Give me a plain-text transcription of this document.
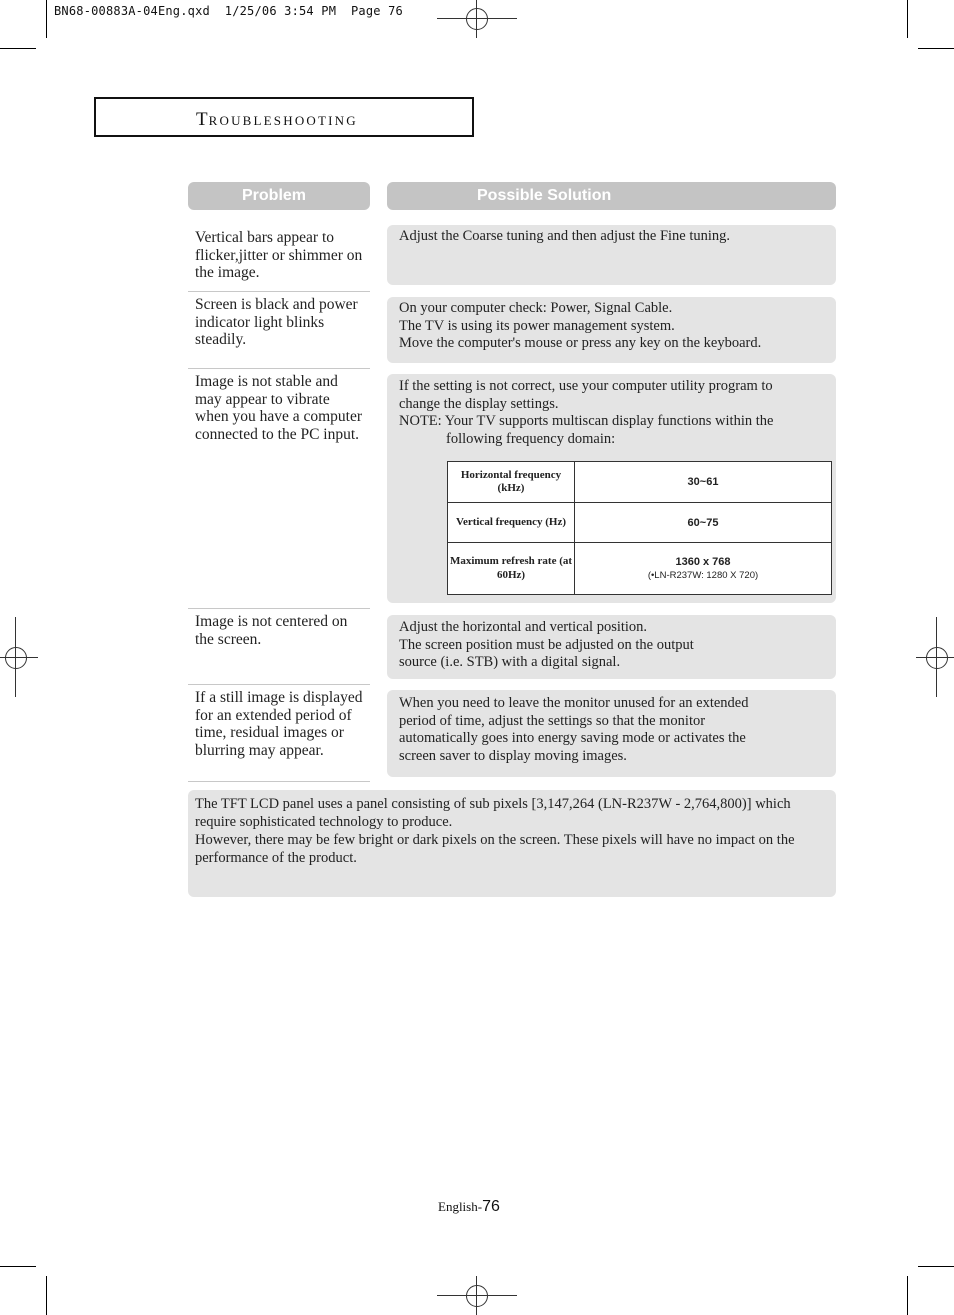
BN68-00883A-04Eng.qxd  1/25/06 3:54 PM  Page 76
TROUBLESHOOTING
Problem	Possible Solution
Vertical bars appear to flicker,jitter or shimmer on the image.

Adjust the Coarse tuning and then adjust the Fine tuning.

Screen is black and power indicator light blinks steadily.

On your computer check: Power, Signal Cable.

The TV is using its power management system.

Move the computer's mouse or press any key on the keyboard.

Image is not stable and may appear to vibrate when you have a computer connected to the PC input.

If the setting is not correct, use your computer utility program to change the display settings.

NOTE: Your TV supports multiscan display functions within the

following frequency domain:

Horizontal frequency (kHz)	30~61
Vertical frequency (Hz)	60~75
Maximum refresh rate (at 60Hz)	1360 x 768
(•LN-R237W: 1280 X 720)
Image is not centered on the screen.

Adjust the horizontal and vertical position.

The screen position must be adjusted on the output source (i.e. STB) with a digital signal.

If a still image is displayed for an extended period of time, residual images or blurring may appear.

When you need to leave the monitor unused for an extended period of time, adjust the settings so that the monitor automatically goes into energy saving mode or activates the screen saver to display moving images.

The TFT LCD panel uses a panel consisting of sub pixels [3,147,264 (LN-R237W - 2,764,800)] which require sophisticated technology to produce.

However, there may be few bright or dark pixels on the screen. These pixels will have no impact on the performance of the product.

English-76
